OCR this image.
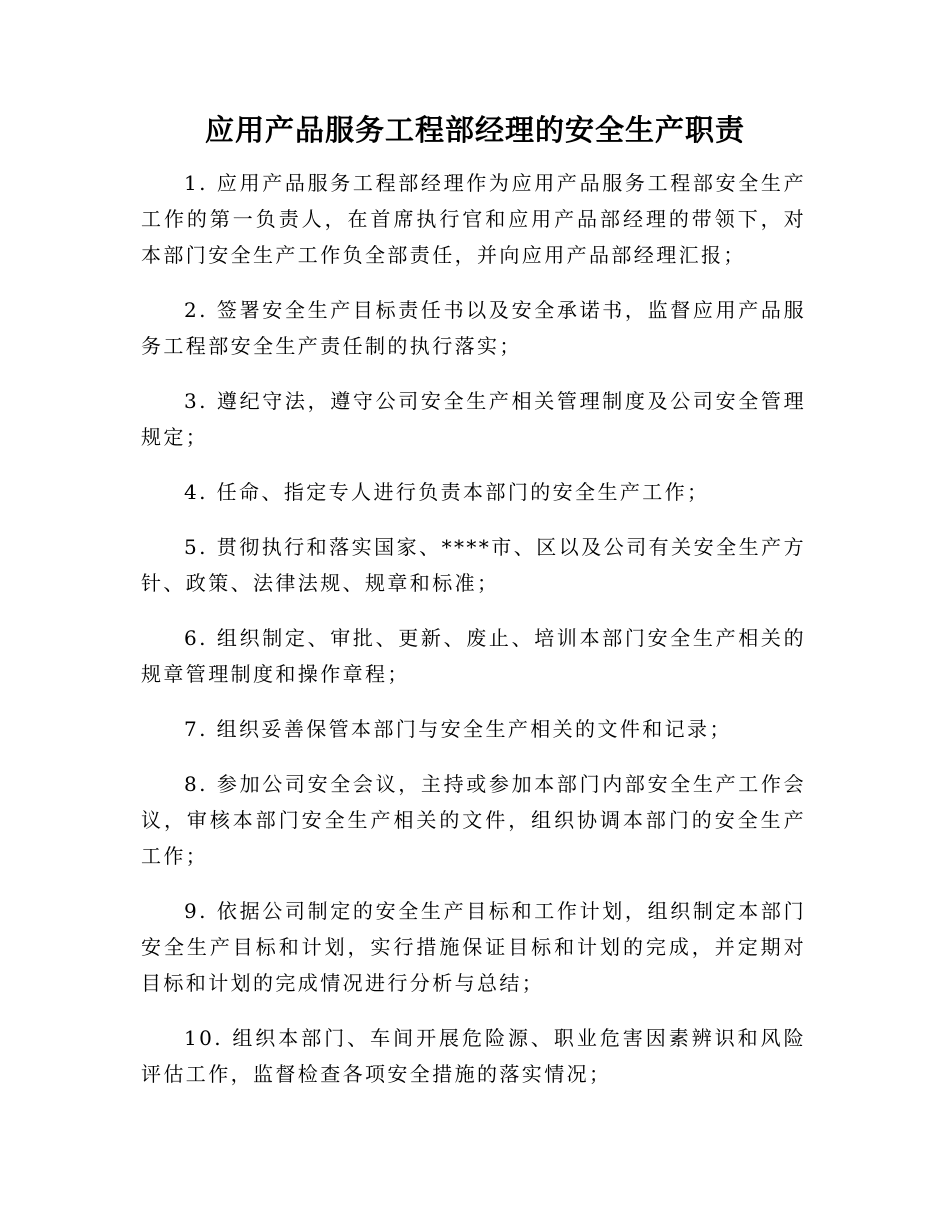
应用产品服务工程部经理的安全生产职责

1. 应用产品服务工程部经理作为应用产品服务工程部安全生产工作的第一负责人，在首席执行官和应用产品部经理的带领下，对本部门安全生产工作负全部责任，并向应用产品部经理汇报；

2. 签署安全生产目标责任书以及安全承诺书，监督应用产品服务工程部安全生产责任制的执行落实；

3. 遵纪守法，遵守公司安全生产相关管理制度及公司安全管理规定；

4. 任命、指定专人进行负责本部门的安全生产工作；

5. 贯彻执行和落实国家、****市、区以及公司有关安全生产方针、政策、法律法规、规章和标准；

6. 组织制定、审批、更新、废止、培训本部门安全生产相关的规章管理制度和操作章程；

7. 组织妥善保管本部门与安全生产相关的文件和记录；

8. 参加公司安全会议，主持或参加本部门内部安全生产工作会议，审核本部门安全生产相关的文件，组织协调本部门的安全生产工作；

9. 依据公司制定的安全生产目标和工作计划，组织制定本部门安全生产目标和计划，实行措施保证目标和计划的完成，并定期对目标和计划的完成情况进行分析与总结；

10. 组织本部门、车间开展危险源、职业危害因素辨识和风险评估工作，监督检查各项安全措施的落实情况；
